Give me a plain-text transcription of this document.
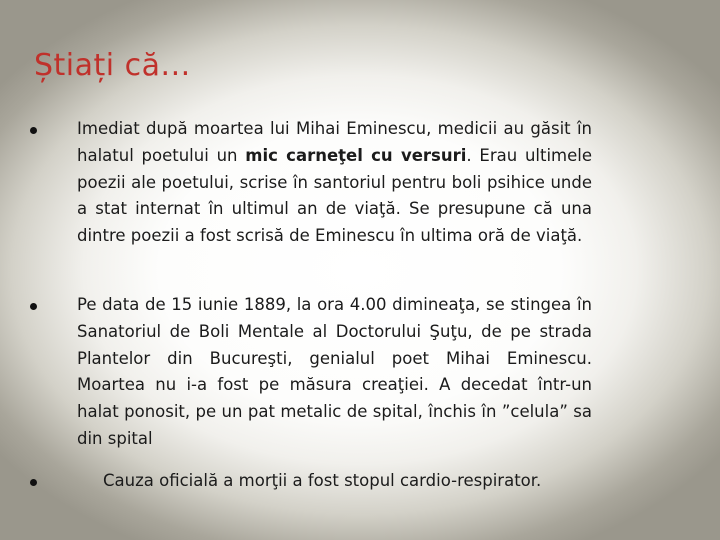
Știați că...
Imediat după moartea lui Mihai Eminescu, medicii au găsit în halatul poetului un mic carneţel cu versuri. Erau ultimele poezii ale poetului, scrise în santoriul pentru boli psihice unde a stat internat în ultimul an de viaţă. Se presupune că una dintre poezii a fost scrisă de Eminescu în ultima oră de viaţă.
Pe data de 15 iunie 1889, la ora 4.00 dimineaţa, se stingea în Sanatoriul de Boli Mentale al Doctorului Şuţu, de pe strada Plantelor din Bucureşti, genialul poet Mihai Eminescu. Moartea nu i-a fost pe măsura creaţiei. A decedat într-un halat ponosit, pe un pat metalic de spital, închis în ”celula” sa din spital
Cauza oficială a morţii a fost stopul cardio-respirator.
